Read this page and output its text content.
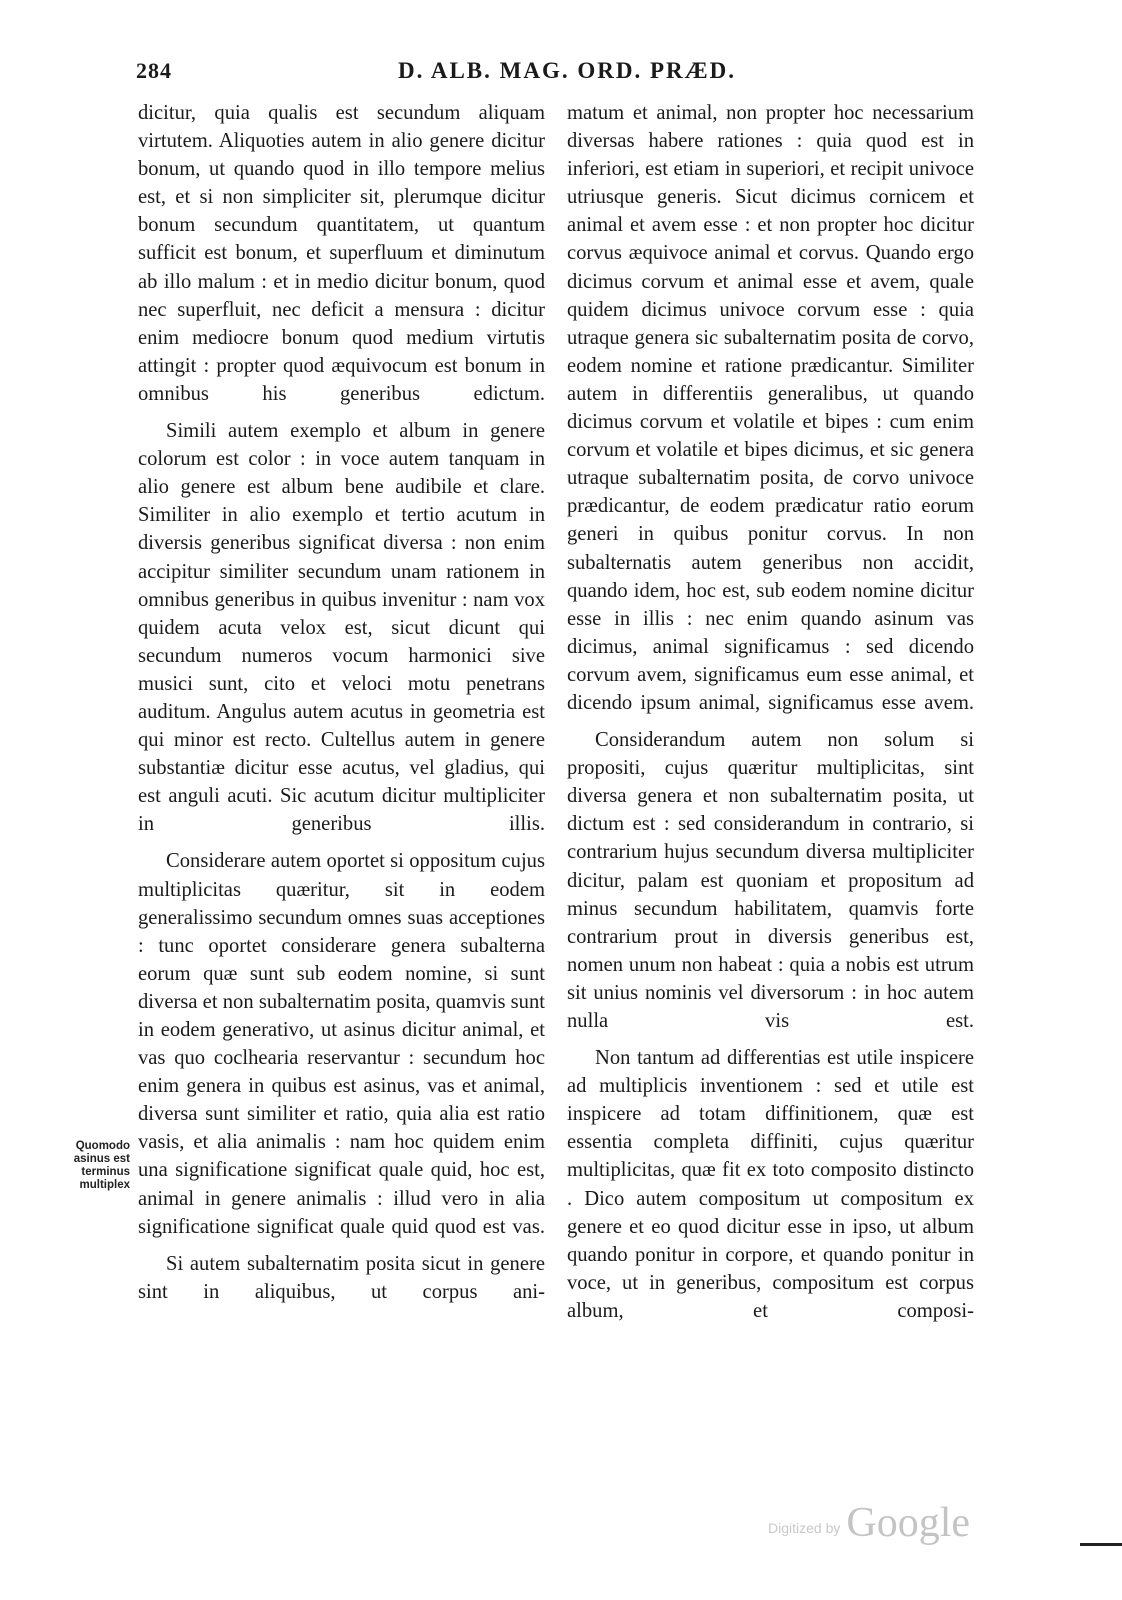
284	D. ALB. MAG. ORD. PRÆD.
Quomodo
asinus est
terminus
multiplex

dicitur, quia qualis est secundum aliquam virtutem. Aliquoties autem in alio genere dicitur bonum, ut quando quod in illo tempore melius est, et si non simpliciter sit, plerumque dicitur bonum secundum quantitatem, ut quantum sufficit est bonum, et superfluum et diminutum ab illo malum : et in medio dicitur bonum, quod nec superfluit, nec deficit a mensura : dicitur enim mediocre bonum quod medium virtutis attingit : propter quod æquivocum est bonum in omnibus his generibus edictum.

Simili autem exemplo et album in genere colorum est color : in voce autem tanquam in alio genere est album bene audibile et clare. Similiter in alio exemplo et tertio acutum in diversis generibus significat diversa : non enim accipitur similiter secundum unam rationem in omnibus generibus in quibus invenitur : nam vox quidem acuta velox est, sicut dicunt qui secundum numeros vocum harmonici sive musici sunt, cito et veloci motu penetrans auditum. Angulus autem acutus in geometria est qui minor est recto. Cultellus autem in genere substantiæ dicitur esse acutus, vel gladius, qui est anguli acuti. Sic acutum dicitur multipliciter in generibus illis.

Considerare autem oportet si oppositum cujus multiplicitas quæritur, sit in eodem generalissimo secundum omnes suas acceptiones : tunc oportet considerare genera subalterna eorum quæ sunt sub eodem nomine, si sunt diversa et non subalternatim posita, quamvis sunt in eodem generativo, ut asinus dicitur animal, et vas quo coclhearia reservantur : secundum hoc enim genera in quibus est asinus, vas et animal, diversa sunt similiter et ratio, quia alia est ratio vasis, et alia animalis : nam hoc quidem enim una significatione significat quale quid, hoc est, animal in genere animalis : illud vero in alia significatione significat quale quid quod est vas.

Si autem subalternatim posita sicut in genere sint in aliquibus, ut corpus ani-

matum et animal, non propter hoc necessarium diversas habere rationes : quia quod est in inferiori, est etiam in superiori, et recipit univoce utriusque generis. Sicut dicimus cornicem et animal et avem esse : et non propter hoc dicitur corvus æquivoce animal et corvus. Quando ergo dicimus corvum et animal esse et avem, quale quidem dicimus univoce corvum esse : quia utraque genera sic subalternatim posita de corvo, eodem nomine et ratione prædicantur. Similiter autem in differentiis generalibus, ut quando dicimus corvum et volatile et bipes : cum enim corvum et volatile et bipes dicimus, et sic genera utraque subalternatim posita, de corvo univoce prædicantur, de eodem prædicatur ratio eorum generi in quibus ponitur corvus. In non subalternatis autem generibus non accidit, quando idem, hoc est, sub eodem nomine dicitur esse in illis : nec enim quando asinum vas dicimus, animal significamus : sed dicendo corvum avem, significamus eum esse animal, et dicendo ipsum animal, significamus esse avem.

Considerandum autem non solum si propositi, cujus quæritur multiplicitas, sint diversa genera et non subalternatim posita, ut dictum est : sed considerandum in contrario, si contrarium hujus secundum diversa multipliciter dicitur, palam est quoniam et propositum ad minus secundum habilitatem, quamvis forte contrarium prout in diversis generibus est, nomen unum non habeat : quia a nobis est utrum sit unius nominis vel diversorum : in hoc autem nulla vis est.

Non tantum ad differentias est utile inspicere ad multiplicis inventionem : sed et utile est inspicere ad totam diffinitionem, quæ est essentia completa diffiniti, cujus quæritur multiplicitas, quæ fit ex toto composito distincto . Dico autem compositum ut compositum ex genere et eo quod dicitur esse in ipso, ut album quando ponitur in corpore, et quando ponitur in voce, ut in generibus, compositum est corpus album, et composi-

Digitized by Google
